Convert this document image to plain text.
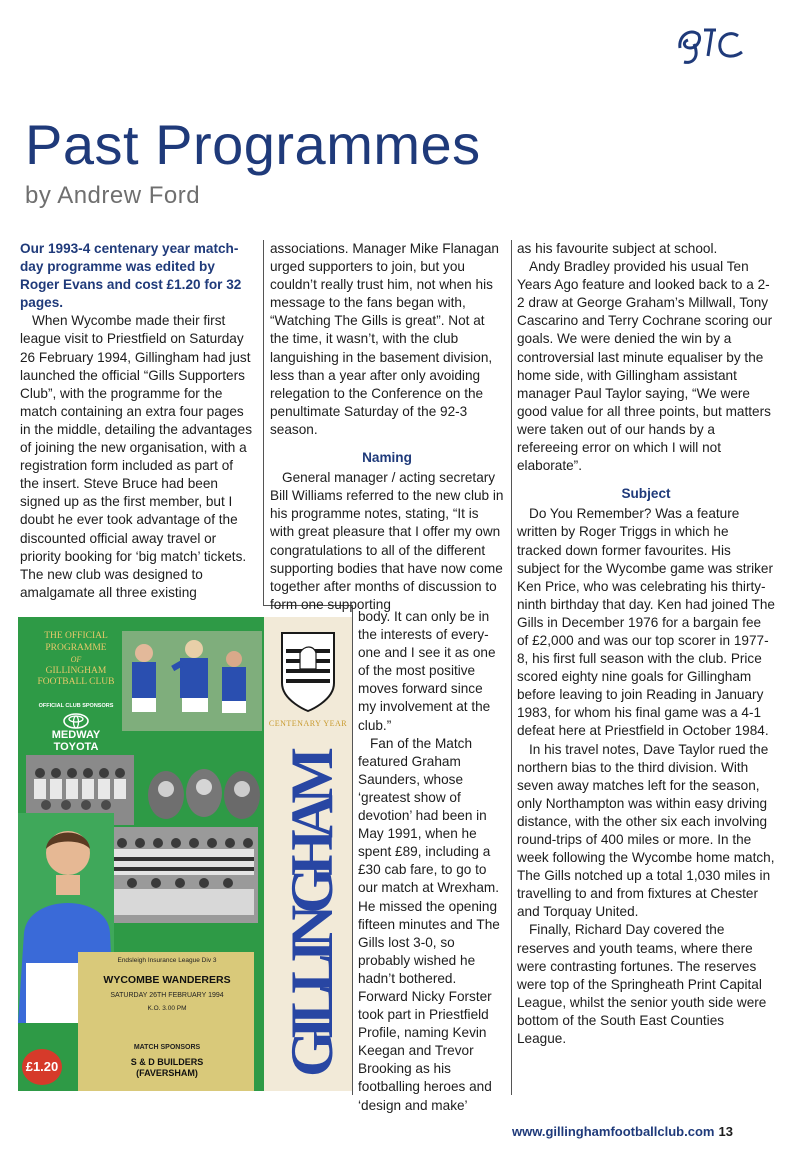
Past Programmes
by Andrew Ford

Our 1993-4 centenary year match-day programme was edited by Roger Evans and cost £1.20 for 32 pages.

When Wycombe made their first league visit to Priestfield on Saturday 26 February 1994, Gillingham had just launched the official “Gills Supporters Club”, with the programme for the match containing an extra four pages in the middle, detailing the advantages of joining the new organisation, with a registration form included as part of the insert. Steve Bruce had been signed up as the first member, but I doubt he ever took advantage of the discounted official away travel or priority booking for ‘big match’ tickets. The new club was designed to amalgamate all three existing

associations. Manager Mike Flanagan urged supporters to join, but you couldn’t really trust him, not when his message to the fans began with, “Watching The Gills is great”. Not at the time, it wasn’t, with the club languishing in the basement division, less than a year after only avoiding relegation to the Conference on the penultimate Saturday of the 92-3 season.

Naming

General manager / acting secretary Bill Williams referred to the new club in his programme notes, stating, “It is with great pleasure that I offer my own congratulations to all of the different supporting bodies that have now come together after months of discussion to form one supporting

body. It can only be in the interests of every-one and I see it as one of the most positive moves forward since my involvement at the club.”

Fan of the Match featured Graham Saunders, whose ‘greatest show of devotion’ had been in May 1991, when he spent £89, including a £30 cab fare, to go to our match at Wrexham. He missed the opening fifteen minutes and The Gills lost 3-0, so probably wished he hadn’t bothered. Forward Nicky Forster took part in Priestfield Profile, naming Kevin Keegan and Trevor Brooking as his footballing heroes and ‘design and make’

as his favourite subject at school.

Andy Bradley provided his usual Ten Years Ago feature and looked back to a 2-2 draw at George Graham’s Millwall, Tony Cascarino and Terry Cochrane scoring our goals. We were denied the win by a controversial last minute equaliser by the home side, with Gillingham assistant manager Paul Taylor saying, “We were good value for all three points, but matters were taken out of our hands by a refereeing error on which I will not elaborate”.

Subject

Do You Remember? Was a feature written by Roger Triggs in which he tracked down former favourites. His subject for the Wycombe game was striker Ken Price, who was celebrating his thirty-ninth birthday that day. Ken had joined The Gills in December 1976 for a bargain fee of £2,000 and was our top scorer in 1977-8, his first full season with the club. Price scored eighty nine goals for Gillingham before leaving to join Reading in January 1983, for whom his final game was a 4-1 defeat here at Priestfield in October 1984.

In his travel notes, Dave Taylor rued the northern bias to the third division. With seven away matches left for the season, only Northampton was within easy driving distance, with the other six each involving round-trips of 400 miles or more. In the week following the Wycombe home match, The Gills notched up a total 1,030 miles in travelling to and from fixtures at Chester and Torquay United.

Finally, Richard Day covered the reserves and youth teams, where there were contrasting fortunes. The reserves were top of the Springheath Print Capital League, whilst the senior youth side were bottom of the South East Counties League.

THE OFFICIAL
PROGRAMME
OF
GILLINGHAM
FOOTBALL CLUB
OFFICIAL CLUB SPONSORS
MEDWAY
TOYOTA
Endsleigh Insurance League Div 3
WYCOMBE WANDERERS
SATURDAY 26TH FEBRUARY 1994
K.O. 3.00 PM
MATCH SPONSORS
S & D BUILDERS
(FAVERSHAM)
£1.20
CENTENARY YEAR
GILLINGHAM
www.gillinghamfootballclub.com 13
